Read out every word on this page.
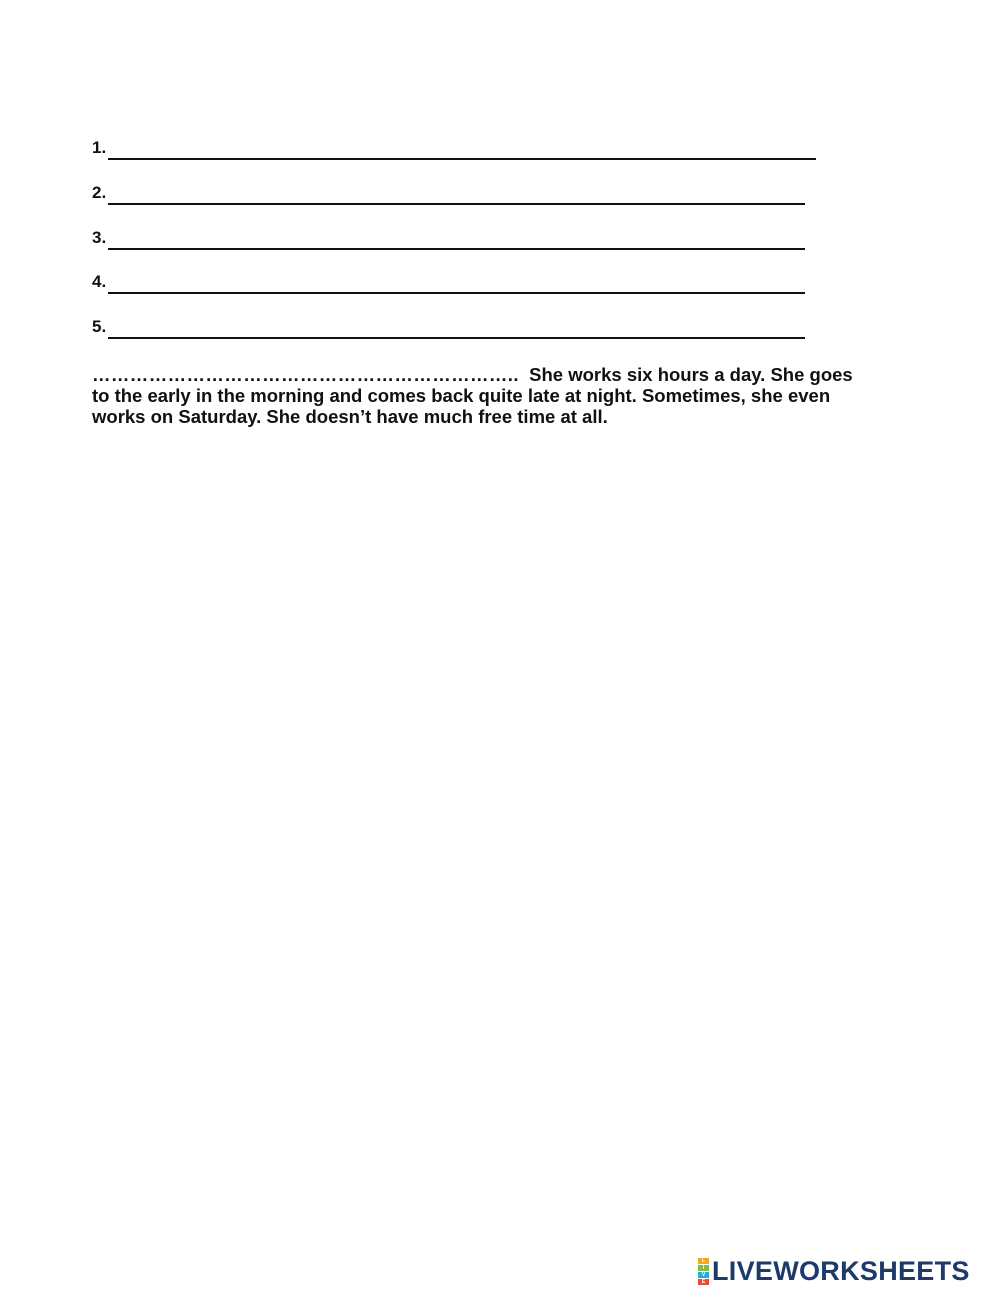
1.
2.
3.
4.
5.

………………………………………………………….. She works six hours a day. She goes
to the early in the morning and comes back quite late at night. Sometimes, she even
works on Saturday. She doesn’t have much free time at all.

L
I
V
E LIVEWORKSHEETS
